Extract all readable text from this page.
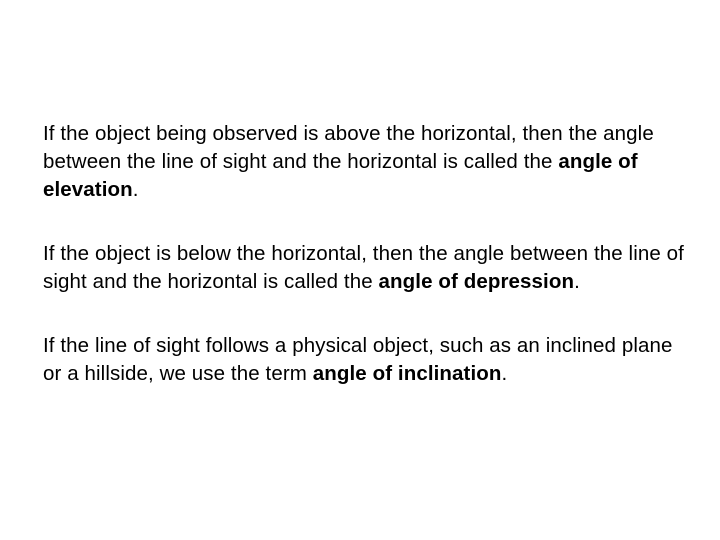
If the object being observed is above the horizontal, then the angle between the line of sight and the horizontal is called the angle of elevation.

If the object is below the horizontal, then the angle between the line of sight and the horizontal is called the angle of depression.

If the line of sight follows a physical object, such as an inclined plane or a hillside, we use the term angle of inclination.
